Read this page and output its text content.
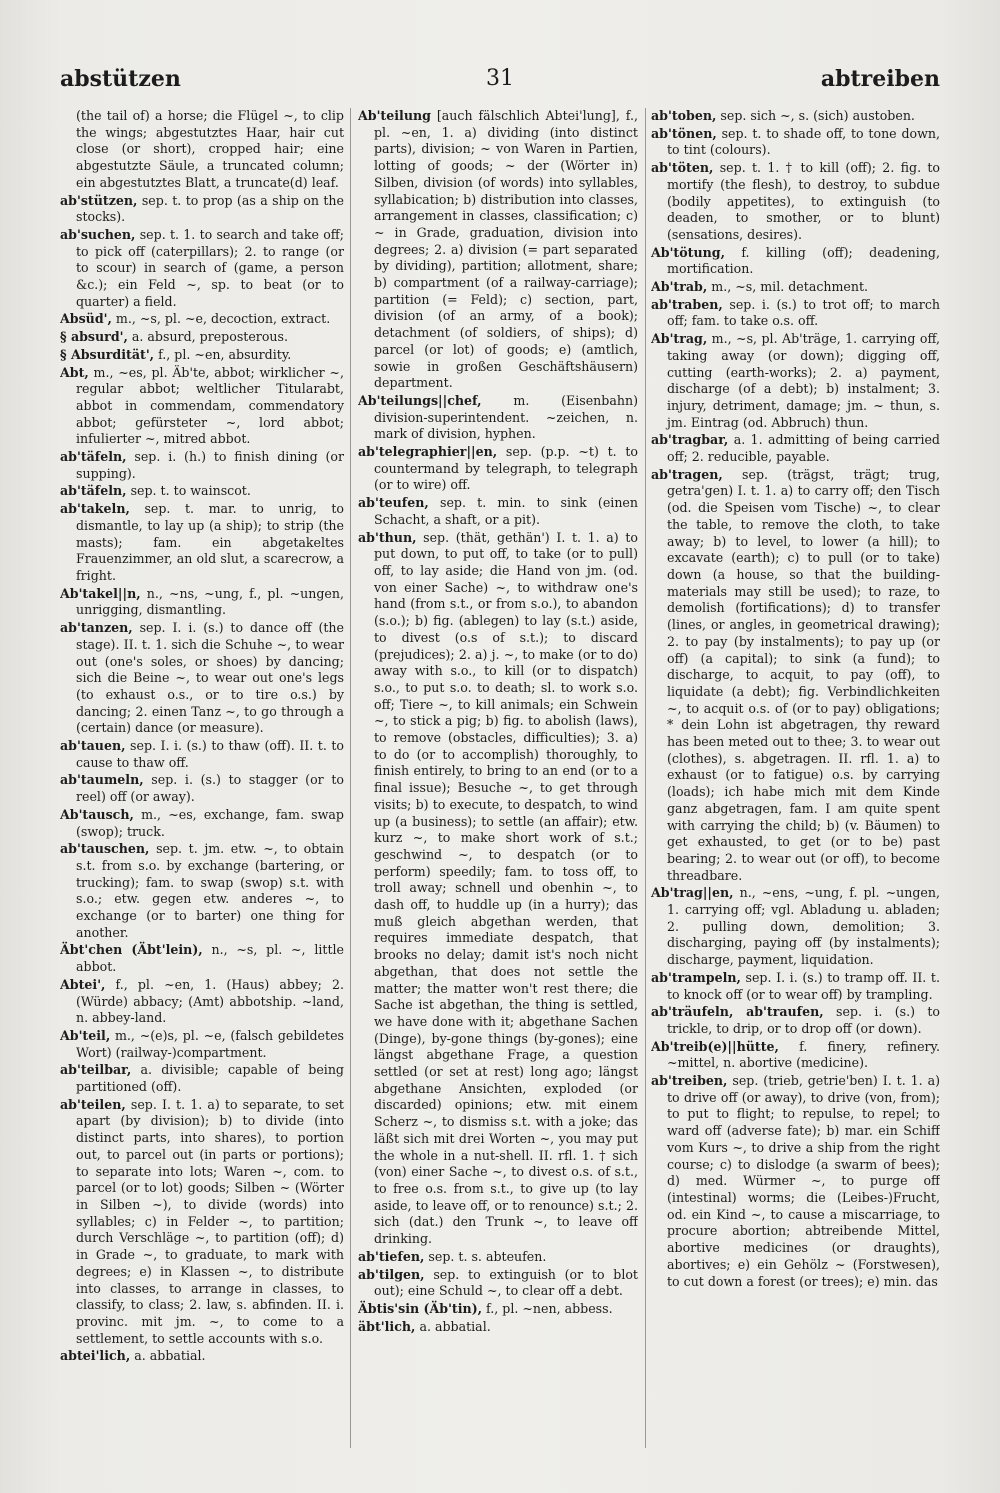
abstützen	31	abtreiben
(the tail of) a horse; die Flügel ~, to clip the wings; abgestutztes Haar, hair cut close (or short), cropped hair; eine abgestutzte Säule, a truncated column; ein abgestutztes Blatt, a truncate(d) leaf.
ab'stützen, sep. t. to prop (as a ship on the stocks).
ab'suchen, sep. t. 1. to search and take off; to pick off (caterpillars); 2. to range (or to scour) in search of (game, a person &c.); ein Feld ~, sp. to beat (or to quarter) a field.
Absüd', m., ~s, pl. ~e, decoction, extract.
§ absurd', a. absurd, preposterous.
§ Absurdität', f., pl. ~en, absurdity.
Abt, m., ~es, pl. Äb'te, abbot; wirklicher ~, regular abbot; weltlicher Titularabt, abbot in commendam, commendatory abbot; gefürsteter ~, lord abbot; infulierter ~, mitred abbot.
ab'täfeln, sep. i. (h.) to finish dining (or supping).
ab'täfeln, sep. t. to wainscot.
ab'takeln, sep. t. mar. to unrig, to dismantle, to lay up (a ship); to strip (the masts); fam. ein abgetakeltes Frauenzimmer, an old slut, a scarecrow, a fright.
Ab'takel||n, n., ~ns, ~ung, f., pl. ~ungen, unrigging, dismantling.
ab'tanzen, sep. I. i. (s.) to dance off (the stage). II. t. 1. sich die Schuhe ~, to wear out (one's soles, or shoes) by dancing; sich die Beine ~, to wear out one's legs (to exhaust o.s., or to tire o.s.) by dancing; 2. einen Tanz ~, to go through a (certain) dance (or measure).
ab'tauen, sep. I. i. (s.) to thaw (off). II. t. to cause to thaw off.
ab'taumeln, sep. i. (s.) to stagger (or to reel) off (or away).
Ab'tausch, m., ~es, exchange, fam. swap (swop); truck.
ab'tauschen, sep. t. jm. etw. ~, to obtain s.t. from s.o. by exchange (bartering, or trucking); fam. to swap (swop) s.t. with s.o.; etw. gegen etw. anderes ~, to exchange (or to barter) one thing for another.
Äbt'chen (Äbt'lein), n., ~s, pl. ~, little abbot.
Abtei', f., pl. ~en, 1. (Haus) abbey; 2. (Würde) abbacy; (Amt) abbotship. ~land, n. abbey-land.
Ab'teil, m., ~(e)s, pl. ~e, (falsch gebildetes Wort) (railway-)compartment.
ab'teilbar, a. divisible; capable of being partitioned (off).
ab'teilen, sep. I. t. 1. a) to separate, to set apart (by division); b) to divide (into distinct parts, into shares), to portion out, to parcel out (in parts or portions); to separate into lots; Waren ~, com. to parcel (or to lot) goods; Silben ~ (Wörter in Silben ~), to divide (words) into syllables; c) in Felder ~, to partition; durch Verschläge ~, to partition (off); d) in Grade ~, to graduate, to mark with degrees; e) in Klassen ~, to distribute into classes, to arrange in classes, to classify, to class; 2. law, s. abfinden. II. i. provinc. mit jm. ~, to come to a settlement, to settle accounts with s.o.
abtei'lich, a. abbatial.
Ab'teilung [auch fälschlich Abtei'lung], f., pl. ~en, 1. a) dividing (into distinct parts), division; ~ von Waren in Partien, lotting of goods; ~ der (Wörter in) Silben, division (of words) into syllables, syllabication; b) distribution into classes, arrangement in classes, classification; c) ~ in Grade, graduation, division into degrees; 2. a) division (= part separated by dividing), partition; allotment, share; b) compartment (of a railway-carriage); partition (= Feld); c) section, part, division (of an army, of a book); detachment (of soldiers, of ships); d) parcel (or lot) of goods; e) (amtlich, sowie in großen Geschäftshäusern) department.
Ab'teilungs||chef,	m. (Eisenbahn) division-superintendent. ~zeichen, n. mark of division, hyphen.
ab'telegraphier||en, sep. (p.p. ~t) t. to countermand by telegraph, to telegraph (or to wire) off.
ab'teufen, sep. t. min. to sink (einen Schacht, a shaft, or a pit).
ab'thun, sep. (thät, gethän') I. t. 1. a) to put down, to put off, to take (or to pull) off, to lay aside; die Hand von jm. (od. von einer Sache) ~, to withdraw one's hand (from s.t., or from s.o.), to abandon (s.o.); b) fig. (ablegen) to lay (s.t.) aside, to divest (o.s of s.t.); to discard (prejudices); 2. a) j. ~, to make (or to do) away with s.o., to kill (or to dispatch) s.o., to put s.o. to death; sl. to work s.o. off; Tiere ~, to kill animals; ein Schwein ~, to stick a pig; b) fig. to abolish (laws), to remove (obstacles, difficulties); 3. a) to do (or to accomplish) thoroughly, to finish entirely, to bring to an end (or to a final issue); Besuche ~, to get through visits; b) to execute, to despatch, to wind up (a business); to settle (an affair); etw. kurz ~, to make short work of s.t.; geschwind ~, to despatch (or to perform) speedily; fam. to toss off, to troll away; schnell und obenhin ~, to dash off, to huddle up (in a hurry); das muß gleich abgethan werden, that requires immediate despatch, that brooks no delay; damit ist's noch nicht abgethan, that does not settle the matter; the matter won't rest there; die Sache ist abgethan, the thing is settled, we have done with it; abgethane Sachen (Dinge), by-gone things (by-gones); eine längst abgethane Frage, a question settled (or set at rest) long ago; längst abgethane Ansichten, exploded (or discarded) opinions; etw. mit einem Scherz ~, to dismiss s.t. with a joke; das läßt sich mit drei Worten ~, you may put the whole in a nut-shell. II. rfl. 1. † sich (von) einer Sache ~, to divest o.s. of s.t., to free o.s. from s.t., to give up (to lay aside, to leave off, or to renounce) s.t.; 2. sich (dat.) den Trunk ~, to leave off drinking.
ab'tiefen, sep. t. s. abteufen.
ab'tilgen, sep. to extinguish (or to blot out); eine Schuld ~, to clear off a debt.
Äbtis'sin (Äb'tin), f., pl. ~nen, abbess.
äbt'lich, a. abbatial.
ab'toben, sep. sich ~, s. (sich) austoben.
ab'tönen, sep. t. to shade off, to tone down, to tint (colours).
ab'töten, sep. t. 1. † to kill (off); 2. fig. to mortify (the flesh), to destroy, to subdue (bodily appetites), to extinguish (to deaden, to smother, or to blunt) (sensations, desires).
Ab'tötung, f. killing (off); deadening, mortification.
Ab'trab, m., ~s, mil. detachment.
ab'traben, sep. i. (s.) to trot off; to march off; fam. to take o.s. off.
Ab'trag, m., ~s, pl. Ab'träge, 1. carrying off, taking away (or down); digging off, cutting (earth-works); 2. a) payment, discharge (of a debt); b) instalment; 3. injury, detriment, damage; jm. ~ thun, s. jm. Eintrag (od. Abbruch) thun.
ab'tragbar, a. 1. admitting of being carried off; 2. reducible, payable.
ab'tragen, sep. (trägst, trägt; trug, getra'gen) I. t. 1. a) to carry off; den Tisch (od. die Speisen vom Tische) ~, to clear the table, to remove the cloth, to take away; b) to level, to lower (a hill); to excavate (earth); c) to pull (or to take) down (a house, so that the building-materials may still be used); to raze, to demolish (fortifications); d) to transfer (lines, or angles, in geometrical drawing); 2. to pay (by instalments); to pay up (or off) (a capital); to sink (a fund); to discharge, to acquit, to pay (off), to liquidate (a debt); fig. Verbindlichkeiten ~, to acquit o.s. of (or to pay) obligations; * dein Lohn ist abgetragen, thy reward has been meted out to thee; 3. to wear out (clothes), s. abgetragen. II. rfl. 1. a) to exhaust (or to fatigue) o.s. by carrying (loads); ich habe mich mit dem Kinde ganz abgetragen, fam. I am quite spent with carrying the child; b) (v. Bäumen) to get exhausted, to get (or to be) past bearing; 2. to wear out (or off), to become threadbare.
Ab'trag||en, n., ~ens, ~ung, f. pl. ~ungen, 1. carrying off; vgl. Abladung u. abladen; 2. pulling down, demolition; 3. discharging, paying off (by instalments); discharge, payment, liquidation.
ab'trampeln, sep. I. i. (s.) to tramp off. II. t. to knock off (or to wear off) by trampling.
ab'träufeln, ab'traufen, sep. i. (s.) to trickle, to drip, or to drop off (or down).
Ab'treib(e)||hütte, f. finery, refinery. ~mittel, n. abortive (medicine).
ab'treiben, sep. (trieb, getrie'ben) I. t. 1. a) to drive off (or away), to drive (von, from); to put to flight; to repulse, to repel; to ward off (adverse fate); b) mar. ein Schiff vom Kurs ~, to drive a ship from the right course; c) to dislodge (a swarm of bees); d) med. Würmer ~, to purge off (intestinal) worms; die (Leibes-)Frucht, od. ein Kind ~, to cause a miscarriage, to procure abortion; abtreibende Mittel, abortive medicines (or draughts), abortives; e) ein Gehölz ~ (Forstwesen), to cut down a forest (or trees); e) min. das
